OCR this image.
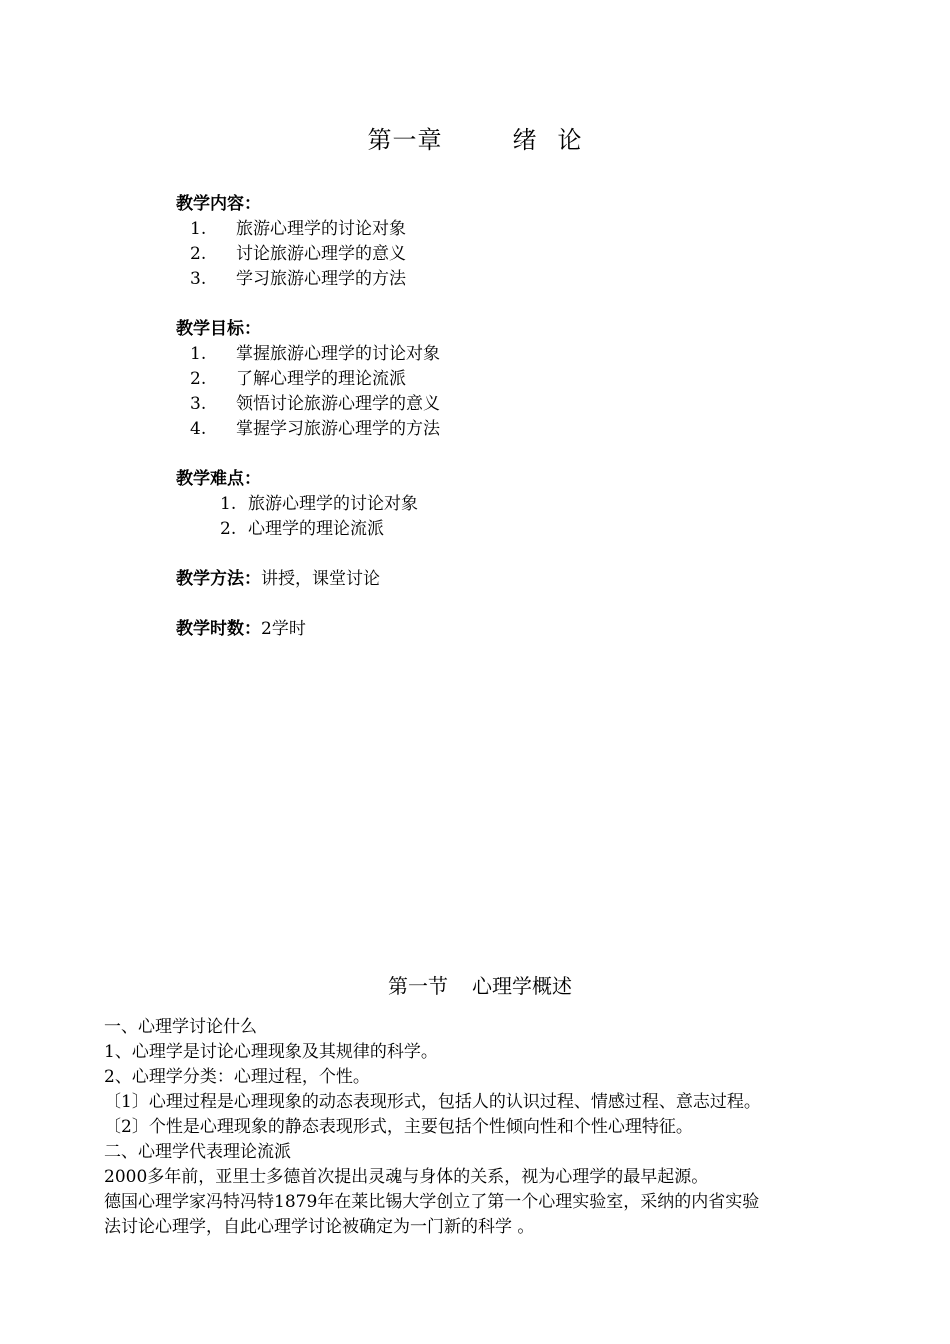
第一章	绪 论
教学内容：
1. 旅游心理学的讨论对象
2. 讨论旅游心理学的意义
3. 学习旅游心理学的方法
教学目标：
1. 掌握旅游心理学的讨论对象
2. 了解心理学的理论流派
3. 领悟讨论旅游心理学的意义
4. 掌握学习旅游心理学的方法
教学难点：
1. 旅游心理学的讨论对象
2. 心理学的理论流派
教学方法：讲授，课堂讨论
教学时数：2学时
第一节 心理学概述
一、心理学讨论什么
1、心理学是讨论心理现象及其规律的科学。
2、心理学分类：心理过程，个性。
〔1〕心理过程是心理现象的动态表现形式，包括人的认识过程、情感过程、意志过程。
〔2〕个性是心理现象的静态表现形式，主要包括个性倾向性和个性心理特征。
二、心理学代表理论流派
2000多年前，亚里士多德首次提出灵魂与身体的关系，视为心理学的最早起源。
德国心理学家冯特冯特1879年在莱比锡大学创立了第一个心理实验室，采纳的内省实验
法讨论心理学，自此心理学讨论被确定为一门新的科学 。
